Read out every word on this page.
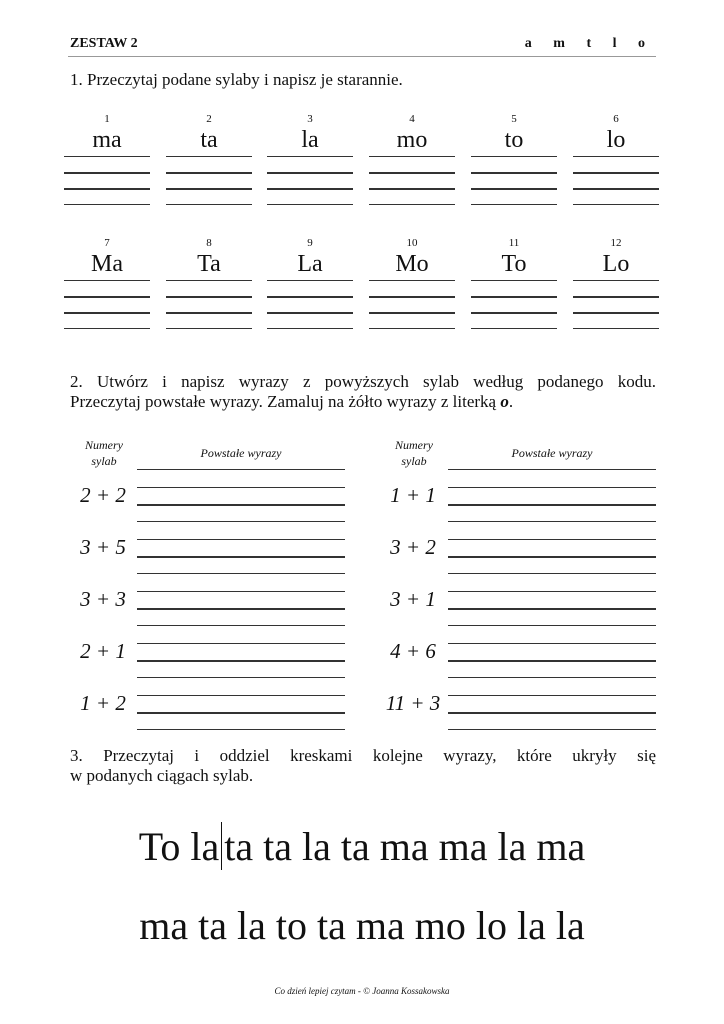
ZESTAW 2	a m t l o
1. Przeczytaj podane sylaby i napisz je starannie.
1
ma
2
ta
3
la
4
mo
5
to
6
lo
7
Ma
8
Ta
9
La
10
Mo
11
To
12
Lo
2. Utwórz i napisz wyrazy z powyższych sylab według podanego kodu.
Przeczytaj powstałe wyrazy. Zamaluj na żółto wyrazy z literką o.
Numery
sylab
Powstałe wyrazy
Numery
sylab
Powstałe wyrazy
2 + 2
3 + 5
3 + 3
2 + 1
1 + 2
1 + 1
3 + 2
3 + 1
4 + 6
11 + 3
3. Przeczytaj i oddziel kreskami kolejne wyrazy, które ukryły się
w podanych ciągach sylab.
To la ta ta la ta ma ma la ma
ma ta la to ta ma mo lo la la
Co dzień lepiej czytam - © Joanna Kossakowska
